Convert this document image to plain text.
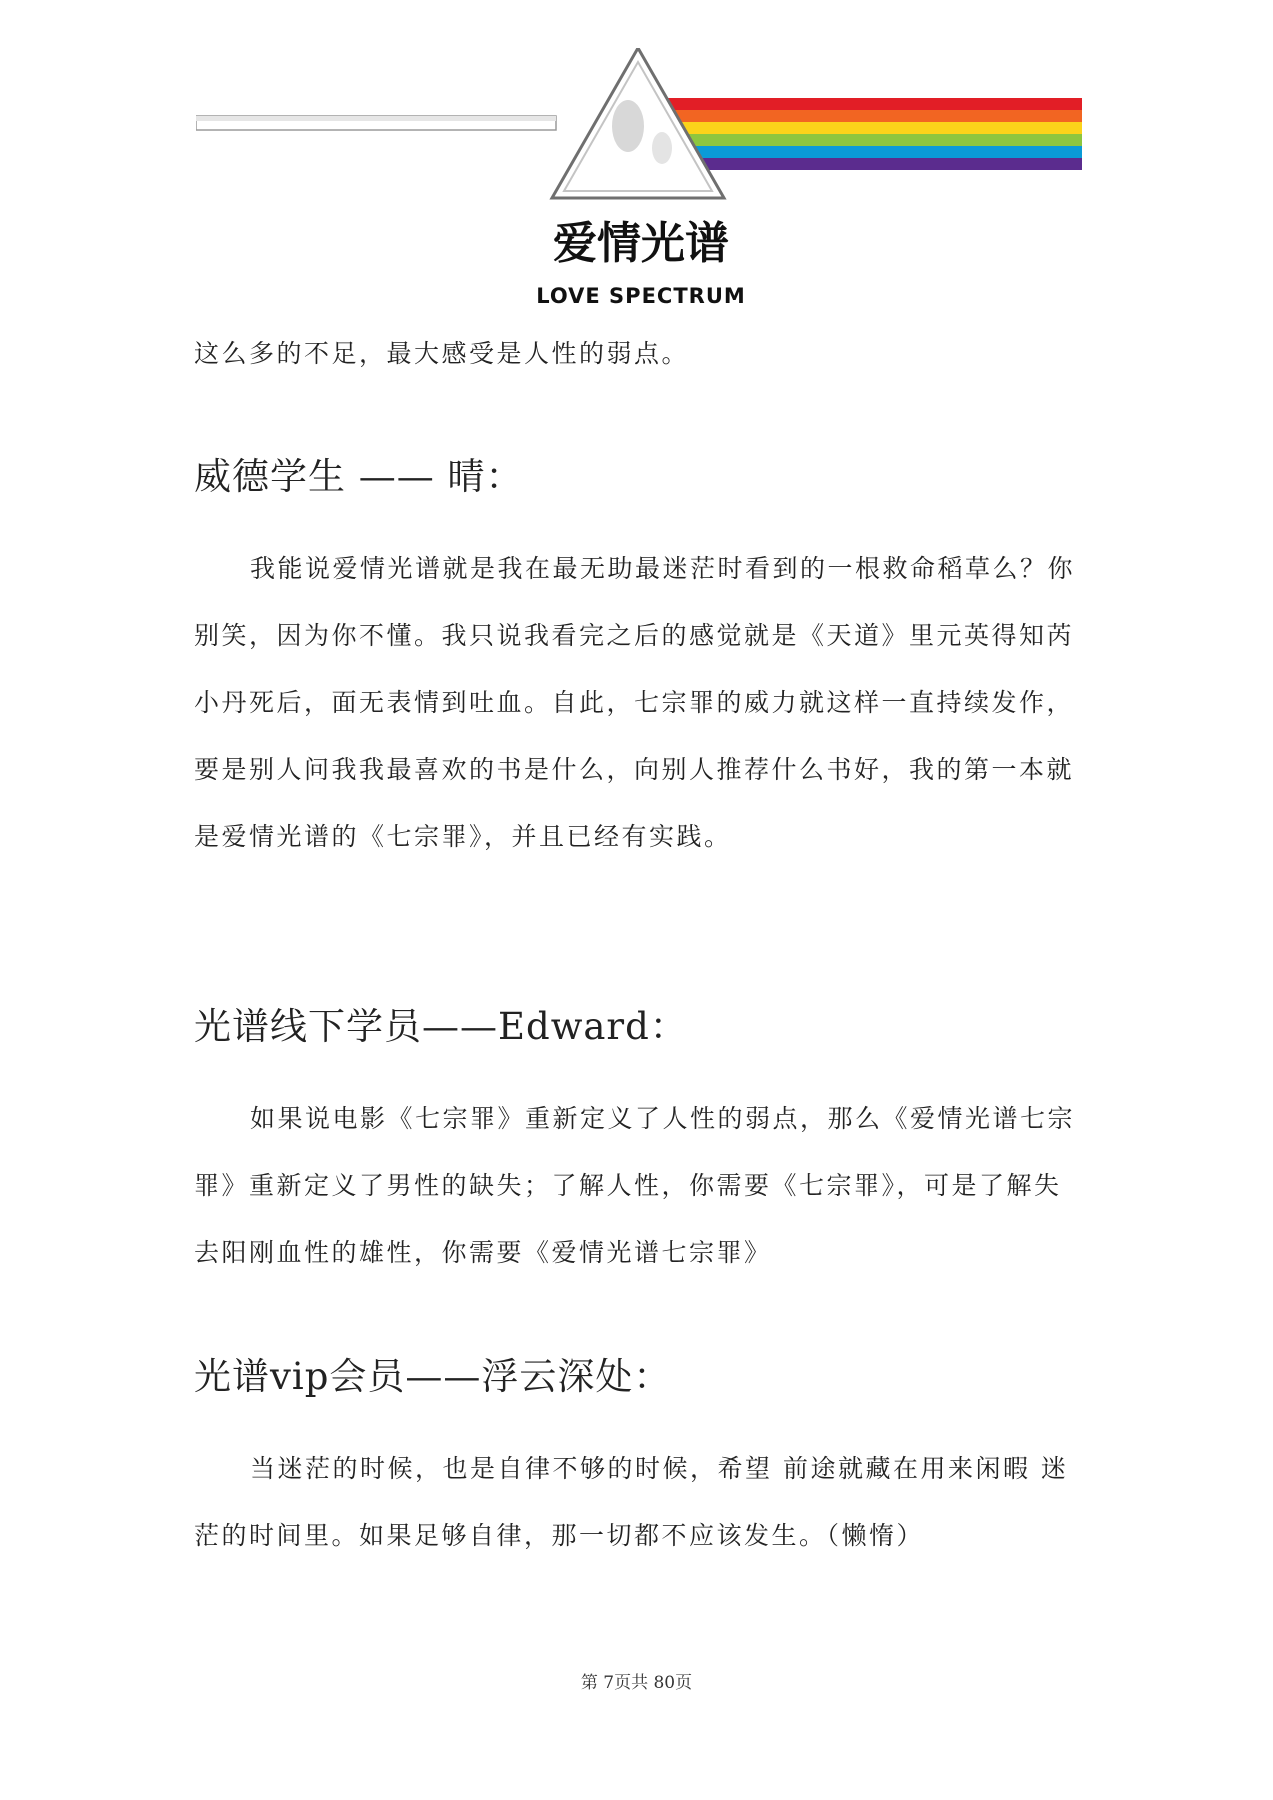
爱情光谱
LOVE SPECTRUM

这么多的不足，最大感受是人性的弱点。

威德学生 —— 晴：

我能说爱情光谱就是我在最无助最迷茫时看到的一根救命稻草么？你别笑，因为你不懂。我只说我看完之后的感觉就是《天道》里元英得知芮小丹死后，面无表情到吐血。自此，七宗罪的威力就这样一直持续发作，要是别人问我我最喜欢的书是什么，向别人推荐什么书好，我的第一本就是爱情光谱的《七宗罪》，并且已经有实践。

光谱线下学员——Edward：

如果说电影《七宗罪》重新定义了人性的弱点，那么《爱情光谱七宗罪》重新定义了男性的缺失；了解人性，你需要《七宗罪》，可是了解失去阳刚血性的雄性，你需要《爱情光谱七宗罪》

光谱vip会员——浮云深处：

当迷茫的时候，也是自律不够的时候，希望 前途就藏在用来闲暇 迷茫的时间里。如果足够自律，那一切都不应该发生。（懒惰）

第 7页共 80页
